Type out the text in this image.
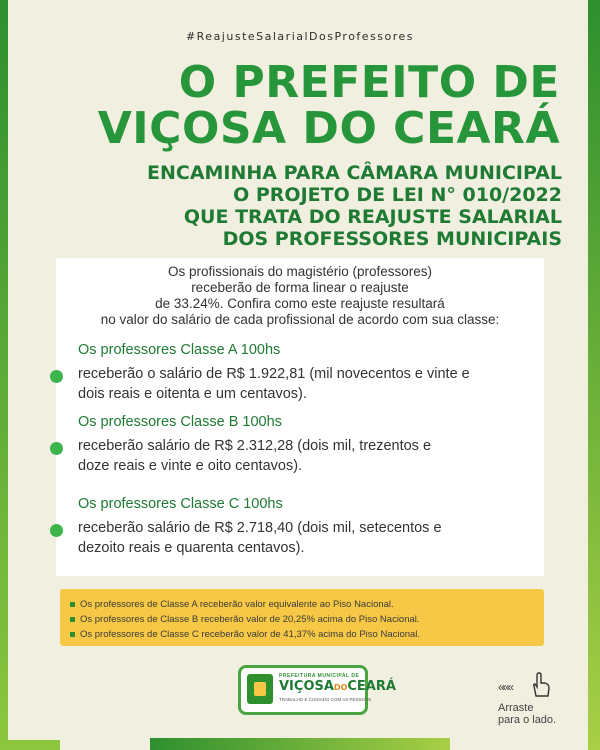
#ReajusteSalarialDosProfessores
O PREFEITO DE
VIÇOSA DO CEARÁ
ENCAMINHA PARA CÂMARA MUNICIPAL
O PROJETO DE LEI N° 010/2022
QUE TRATA DO REAJUSTE SALARIAL
DOS PROFESSORES MUNICIPAIS
Os profissionais do magistério (professores)
receberão de forma linear o reajuste
de 33.24%. Confira como este reajuste resultará
no valor do salário de cada profissional de acordo com sua classe:
Os professores Classe A 100hs
receberão o salário de R$ 1.922,81 (mil novecentos e vinte e
dois reais e oitenta e um centavos).
Os professores Classe B 100hs
receberão salário de R$ 2.312,28 (dois mil, trezentos e
doze reais e vinte e oito centavos).
Os professores Classe C 100hs
receberão salário de R$ 2.718,40 (dois mil, setecentos e
dezoito reais e quarenta centavos).
Os professores de Classe A receberão valor equivalente ao Piso Nacional.
Os professores de Classe B receberão valor de 20,25% acima do Piso Nacional.
Os professores de Classe C receberão valor de 41,37% acima do Piso Nacional.
PREFEITURA MUNICIPAL DE
VIÇOSADOCEARÁ
TRABALHO E CUIDADO COM AS PESSOAS
«««
Arraste
para o lado.
